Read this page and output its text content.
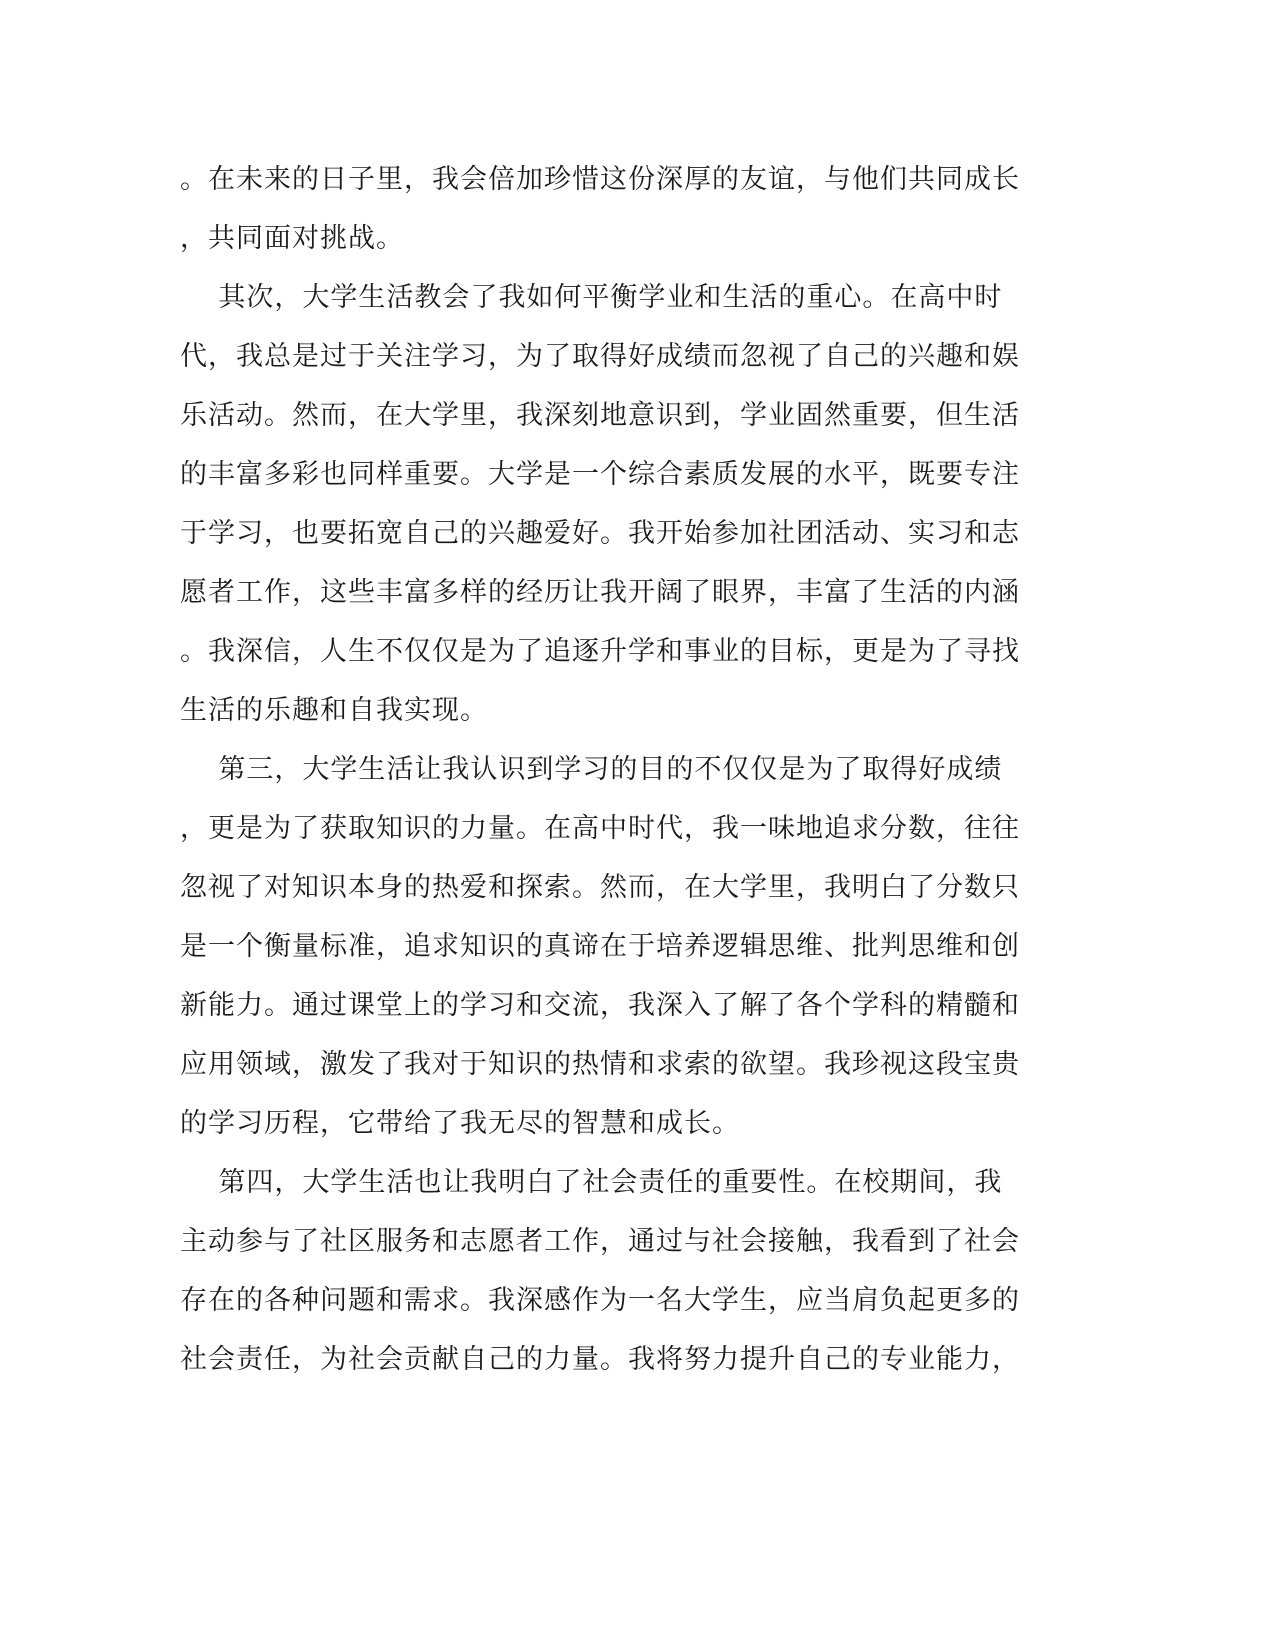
。在未来的日子里，我会倍加珍惜这份深厚的友谊，与他们共同成长
，共同面对挑战。
其次，大学生活教会了我如何平衡学业和生活的重心。在高中时
代，我总是过于关注学习，为了取得好成绩而忽视了自己的兴趣和娱
乐活动。然而，在大学里，我深刻地意识到，学业固然重要，但生活
的丰富多彩也同样重要。大学是一个综合素质发展的水平，既要专注
于学习，也要拓宽自己的兴趣爱好。我开始参加社团活动、实习和志
愿者工作，这些丰富多样的经历让我开阔了眼界，丰富了生活的内涵
。我深信，人生不仅仅是为了追逐升学和事业的目标，更是为了寻找
生活的乐趣和自我实现。
第三，大学生活让我认识到学习的目的不仅仅是为了取得好成绩
，更是为了获取知识的力量。在高中时代，我一味地追求分数，往往
忽视了对知识本身的热爱和探索。然而，在大学里，我明白了分数只
是一个衡量标准，追求知识的真谛在于培养逻辑思维、批判思维和创
新能力。通过课堂上的学习和交流，我深入了解了各个学科的精髓和
应用领域，激发了我对于知识的热情和求索的欲望。我珍视这段宝贵
的学习历程，它带给了我无尽的智慧和成长。
第四，大学生活也让我明白了社会责任的重要性。在校期间，我
主动参与了社区服务和志愿者工作，通过与社会接触，我看到了社会
存在的各种问题和需求。我深感作为一名大学生，应当肩负起更多的
社会责任，为社会贡献自己的力量。我将努力提升自己的专业能力，
